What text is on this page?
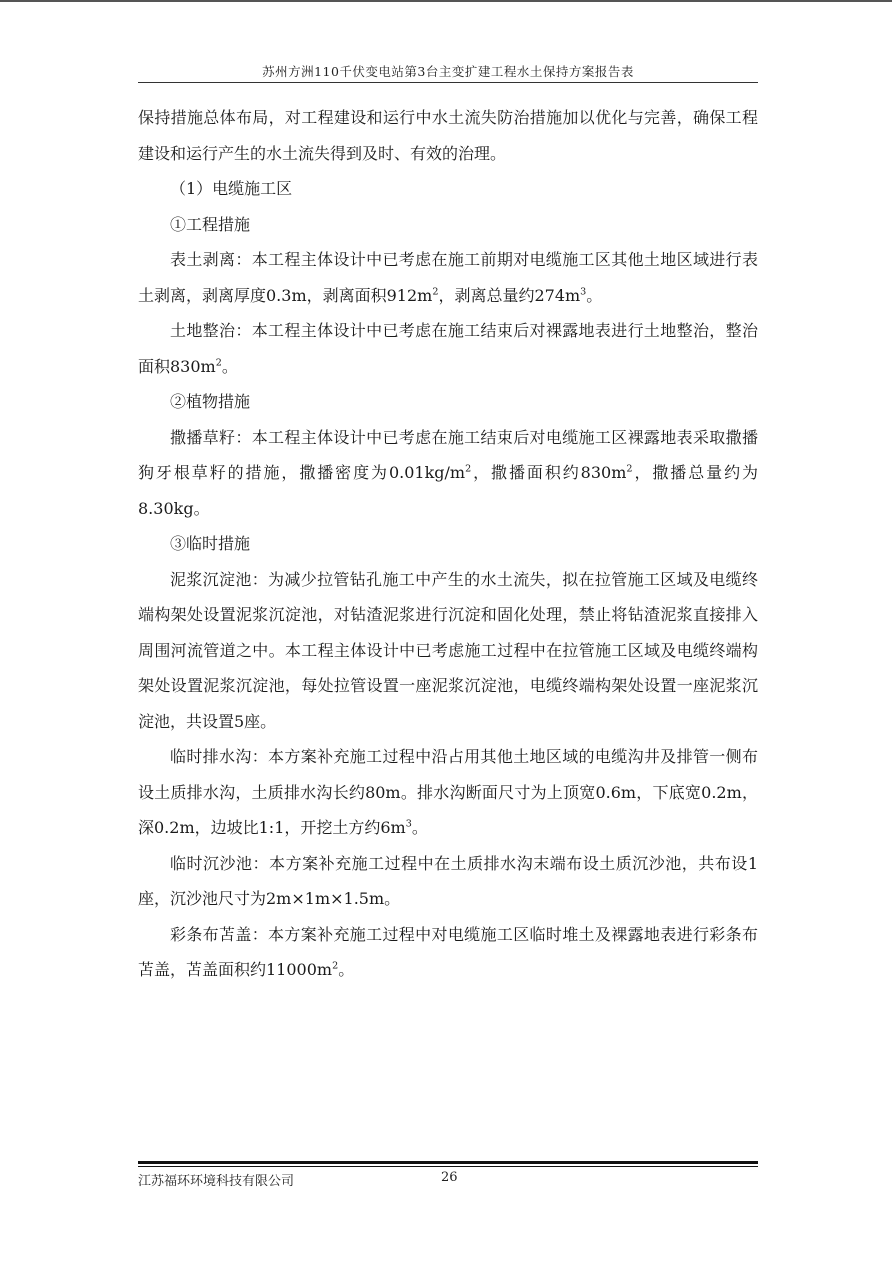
苏州方洲110千伏变电站第3台主变扩建工程水土保持方案报告表

保持措施总体布局，对工程建设和运行中水土流失防治措施加以优化与完善，确保工程建设和运行产生的水土流失得到及时、有效的治理。

（1）电缆施工区

①工程措施

表土剥离：本工程主体设计中已考虑在施工前期对电缆施工区其他土地区域进行表土剥离，剥离厚度0.3m，剥离面积$912m^2$，剥离总量约$274m^3$。

土地整治：本工程主体设计中已考虑在施工结束后对裸露地表进行土地整治，整治面积$830m^2$。

②植物措施

撒播草籽：本工程主体设计中已考虑在施工结束后对电缆施工区裸露地表采取撒播狗牙根草籽的措施，撒播密度为$0.01kg/m^2$，撒播面积约$830m^2$，撒播总量约为8.30kg。

③临时措施

泥浆沉淀池：为减少拉管钻孔施工中产生的水土流失，拟在拉管施工区域及电缆终端构架处设置泥浆沉淀池，对钻渣泥浆进行沉淀和固化处理，禁止将钻渣泥浆直接排入周围河流管道之中。本工程主体设计中已考虑施工过程中在拉管施工区域及电缆终端构架处设置泥浆沉淀池，每处拉管设置一座泥浆沉淀池，电缆终端构架处设置一座泥浆沉淀池，共设置5座。

临时排水沟：本方案补充施工过程中沿占用其他土地区域的电缆沟井及排管一侧布设土质排水沟，土质排水沟长约80m。排水沟断面尺寸为上顶宽0.6m，下底宽0.2m，深0.2m，边坡比1:1，开挖土方约$6m^3$。

临时沉沙池：本方案补充施工过程中在土质排水沟末端布设土质沉沙池，共布设1座，沉沙池尺寸为2m×1m×1.5m。

彩条布苫盖：本方案补充施工过程中对电缆施工区临时堆土及裸露地表进行彩条布苫盖，苫盖面积约$11000m^2$。

江苏福环环境科技有限公司	26
